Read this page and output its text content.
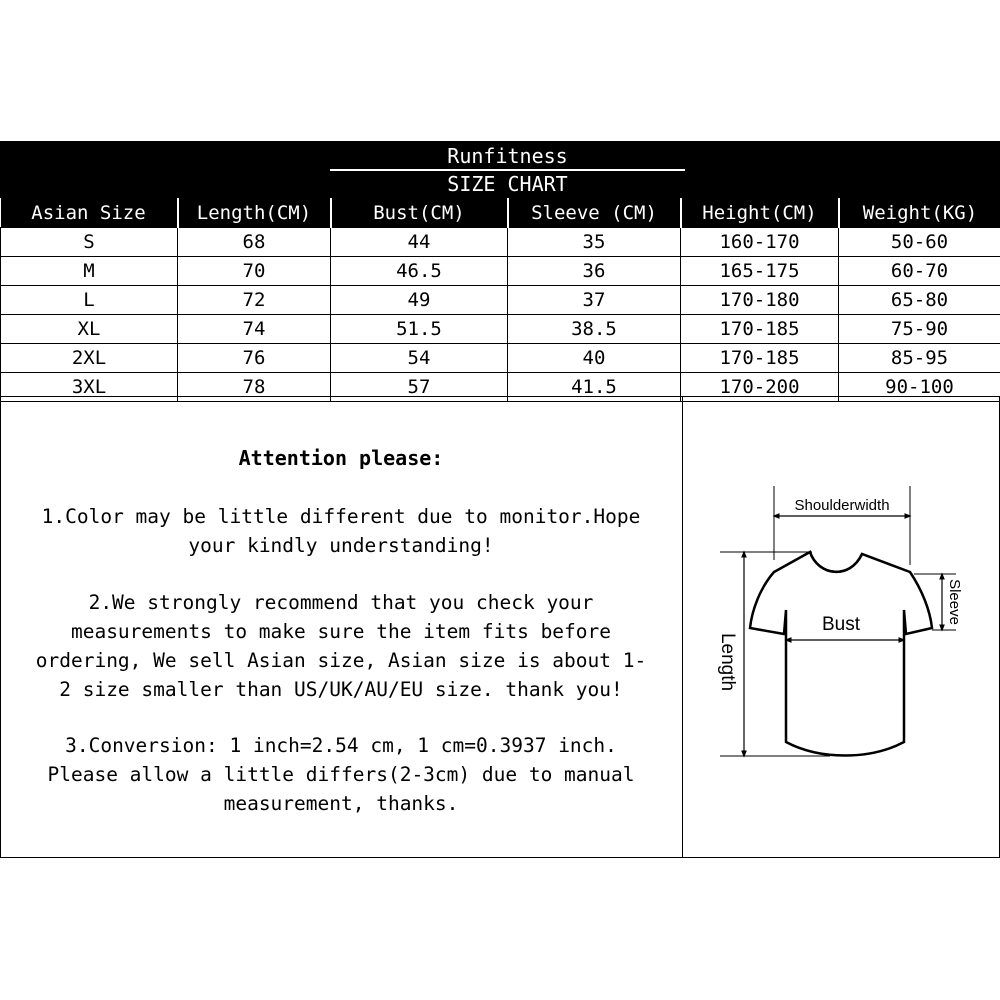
Runfitness
SIZE CHART
Asian Size	Length(CM)	Bust(CM)	Sleeve (CM)	Height(CM)	Weight(KG)
S	68	44	35	160-170	50-60
M	70	46.5	36	165-175	60-70
L	72	49	37	170-180	65-80
XL	74	51.5	38.5	170-185	75-90
2XL	76	54	40	170-185	85-95
3XL	78	57	41.5	170-200	90-100
Attention please:
1.Color may be little different due to monitor.Hope
your kindly understanding!
2.We strongly recommend that you check your
measurements to make sure the item fits before
ordering, We sell Asian size, Asian size is about 1-
2 size smaller than US/UK/AU/EU size. thank you!
3.Conversion: 1 inch=2.54 cm, 1 cm=0.3937 inch.
Please allow a little differs(2-3cm) due to manual
measurement, thanks.
Shoulderwidth
Bust
Length
Sleeve
